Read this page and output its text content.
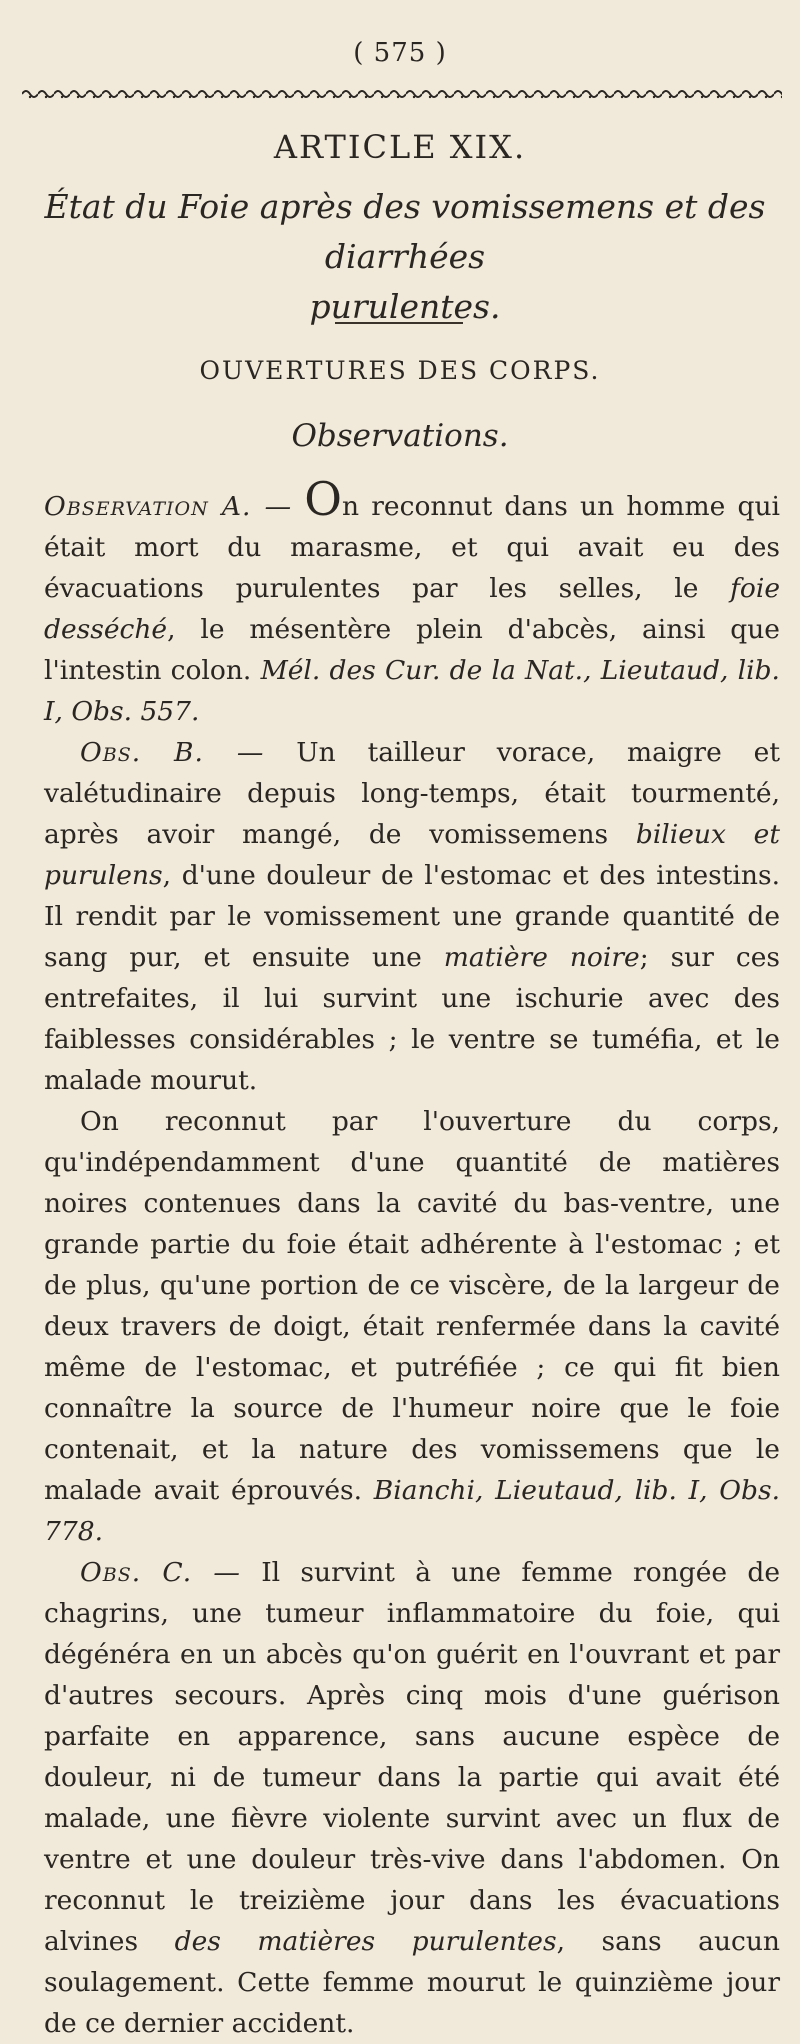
( 575 )
ARTICLE XIX.
État du Foie après des vomissemens et des diarrhées
purulentes.
OUVERTURES DES CORPS.
Observations.

Observation A. — On reconnut dans un homme qui était mort du marasme, et qui avait eu des évacuations purulentes par les selles, le foie desséché, le mésentère plein d'abcès, ainsi que l'intestin colon. Mél. des Cur. de la Nat., Lieutaud, lib. I, Obs. 557.

Obs. B. — Un tailleur vorace, maigre et valétudinaire depuis long-temps, était tourmenté, après avoir mangé, de vomissemens bilieux et purulens, d'une douleur de l'estomac et des intestins. Il rendit par le vomissement une grande quantité de sang pur, et ensuite une matière noire; sur ces entrefaites, il lui survint une ischurie avec des faiblesses considérables ; le ventre se tuméfia, et le malade mourut.

On reconnut par l'ouverture du corps, qu'indépendamment d'une quantité de matières noires contenues dans la cavité du bas-ventre, une grande partie du foie était adhérente à l'estomac ; et de plus, qu'une portion de ce viscère, de la largeur de deux travers de doigt, était renfermée dans la cavité même de l'estomac, et putréfiée ; ce qui fit bien connaître la source de l'humeur noire que le foie contenait, et la nature des vomissemens que le malade avait éprouvés. Bianchi, Lieutaud, lib. I, Obs. 778.

Obs. C. — Il survint à une femme rongée de chagrins, une tumeur inflammatoire du foie, qui dégénéra en un abcès qu'on guérit en l'ouvrant et par d'autres secours. Après cinq mois d'une guérison parfaite en apparence, sans aucune espèce de douleur, ni de tumeur dans la partie qui avait été malade, une fièvre violente survint avec un flux de ventre et une douleur très-vive dans l'abdomen. On reconnut le treizième jour dans les évacuations alvines des matières purulentes, sans aucun soulagement. Cette femme mourut le quinzième jour de ce dernier accident.
